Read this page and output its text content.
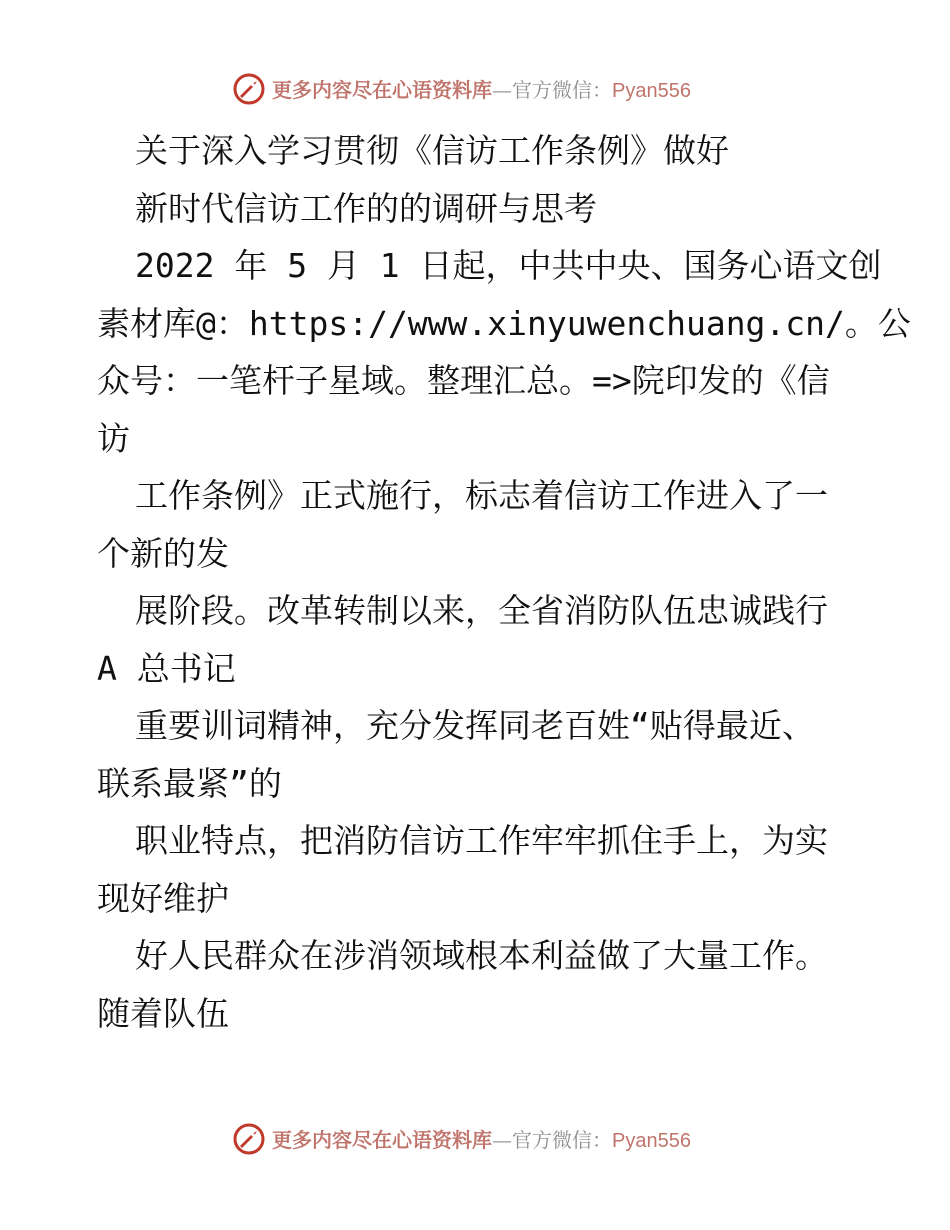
更多内容尽在心语资料库—官方微信：Pyan556
关于深入学习贯彻《信访工作条例》做好
新时代信访工作的的调研与思考
2022 年 5 月 1 日起，中共中央、国务心语文创
素材库@：https://www.xinyuwenchuang.cn/。公
众号：一笔杆子星域。整理汇总。=>院印发的《信
访
工作条例》正式施行，标志着信访工作进入了一
个新的发
展阶段。改革转制以来，全省消防队伍忠诚践行
A 总书记
重要训词精神，充分发挥同老百姓“贴得最近、
联系最紧”的
职业特点，把消防信访工作牢牢抓住手上，为实
现好维护
好人民群众在涉消领域根本利益做了大量工作。
随着队伍
更多内容尽在心语资料库—官方微信：Pyan556
